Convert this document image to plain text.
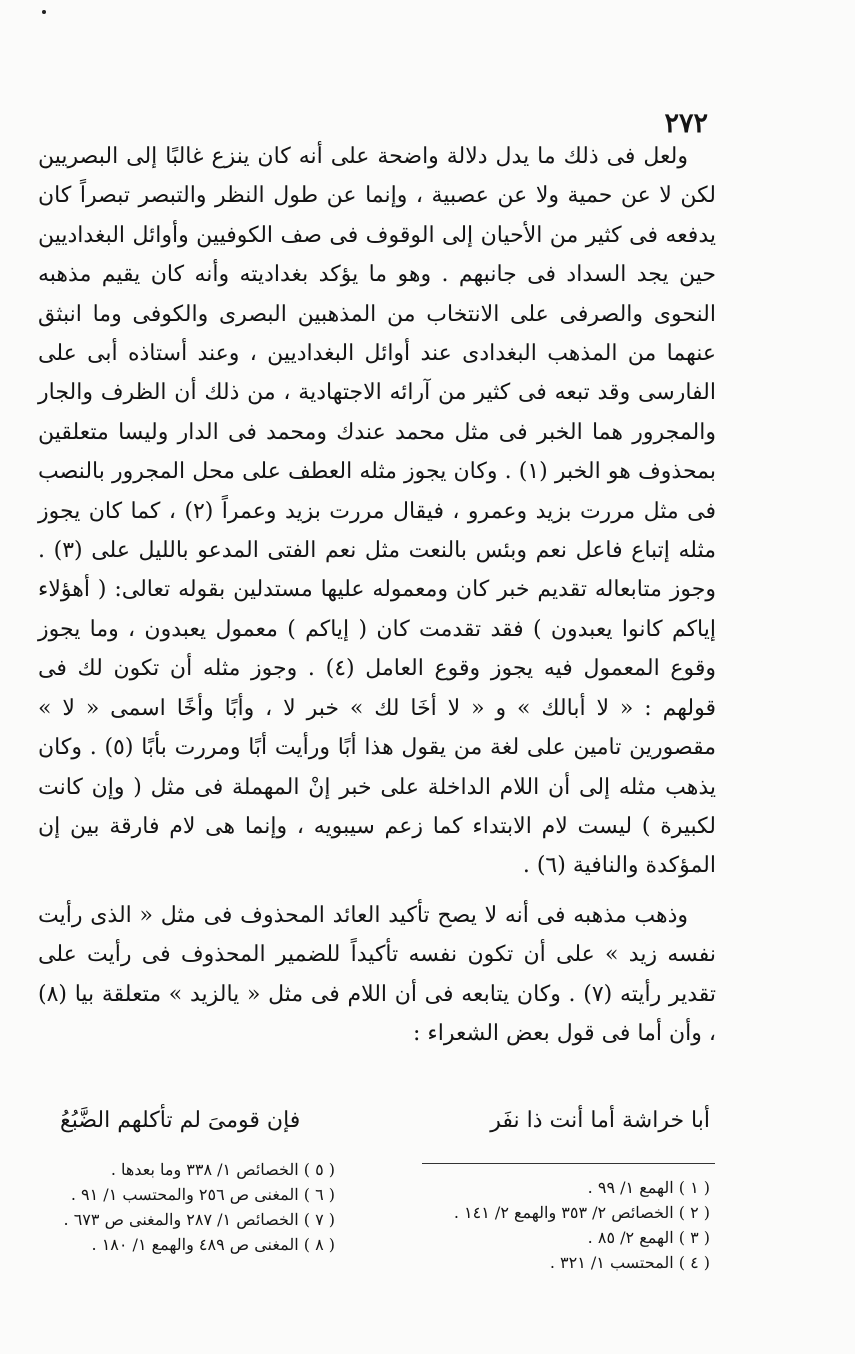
٢٧٢

ولعل فى ذلك ما يدل دلالة واضحة على أنه كان ينزع غالبًا إلى البصريين لكن لا عن حمية ولا عن عصبية ، وإنما عن طول النظر والتبصر تبصراً كان يدفعه فى كثير من الأحيان إلى الوقوف فى صف الكوفيين وأوائل البغداديين حين يجد السداد فى جانبهم . وهو ما يؤكد بغداديته وأنه كان يقيم مذهبه النحوى والصرفى على الانتخاب من المذهبين البصرى والكوفى وما انبثق عنهما من المذهب البغدادى عند أوائل البغداديين ، وعند أستاذه أبى على الفارسى وقد تبعه فى كثير من آرائه الاجتهادية ، من ذلك أن الظرف والجار والمجرور هما الخبر فى مثل محمد عندك ومحمد فى الدار وليسا متعلقين بمحذوف هو الخبر (١) . وكان يجوز مثله العطف على محل المجرور بالنصب فى مثل مررت بزيد وعمرو ، فيقال مررت بزيد وعمراً (٢) ، كما كان يجوز مثله إتباع فاعل نعم وبئس بالنعت مثل نعم الفتى المدعو بالليل على (٣) . وجوز متابعاله تقديم خبر كان ومعموله عليها مستدلين بقوله تعالى: ( أهؤلاء إياكم كانوا يعبدون ) فقد تقدمت كان ( إياكم ) معمول يعبدون ، وما يجوز وقوع المعمول فيه يجوز وقوع العامل (٤) . وجوز مثله أن تكون لك فى قولهم : « لا أبالك » و « لا أخَا لك » خبر لا ، وأبًا وأخًا اسمى « لا » مقصورين تامين على لغة من يقول هذا أبًا ورأيت أبًا ومررت بأبًا (٥) . وكان يذهب مثله إلى أن اللام الداخلة على خبر إنْ المهملة فى مثل ( وإن كانت لكبيرة ) ليست لام الابتداء كما زعم سيبويه ، وإنما هى لام فارقة بين إن المؤكدة والنافية (٦) .

وذهب مذهبه فى أنه لا يصح تأكيد العائد المحذوف فى مثل « الذى رأيت نفسه زيد » على أن تكون نفسه تأكيداً للضمير المحذوف فى رأيت على تقدير رأيته (٧) . وكان يتابعه فى أن اللام فى مثل « يالزيد » متعلقة بيا (٨) ، وأن أما فى قول بعض الشعراء :

أبا خراشة أما أنت ذا نفَر
فإن قومىَ لم تأكلهم الضَّبُعُ
( ١ ) الهمع ١/ ٩٩ .
( ٢ ) الخصائص ٢/ ٣٥٣ والهمع ٢/ ١٤١ .
( ٣ ) الهمع ٢/ ٨٥ .
( ٤ ) المحتسب ١/ ٣٢١ .
( ٥ ) الخصائص ١/ ٣٣٨ وما بعدها .
( ٦ ) المغنى ص ٢٥٦ والمحتسب ١/ ٩١ .
( ٧ ) الخصائص ١/ ٢٨٧ والمغنى ص ٦٧٣ .
( ٨ ) المغنى ص ٤٨٩ والهمع ١/ ١٨٠ .
